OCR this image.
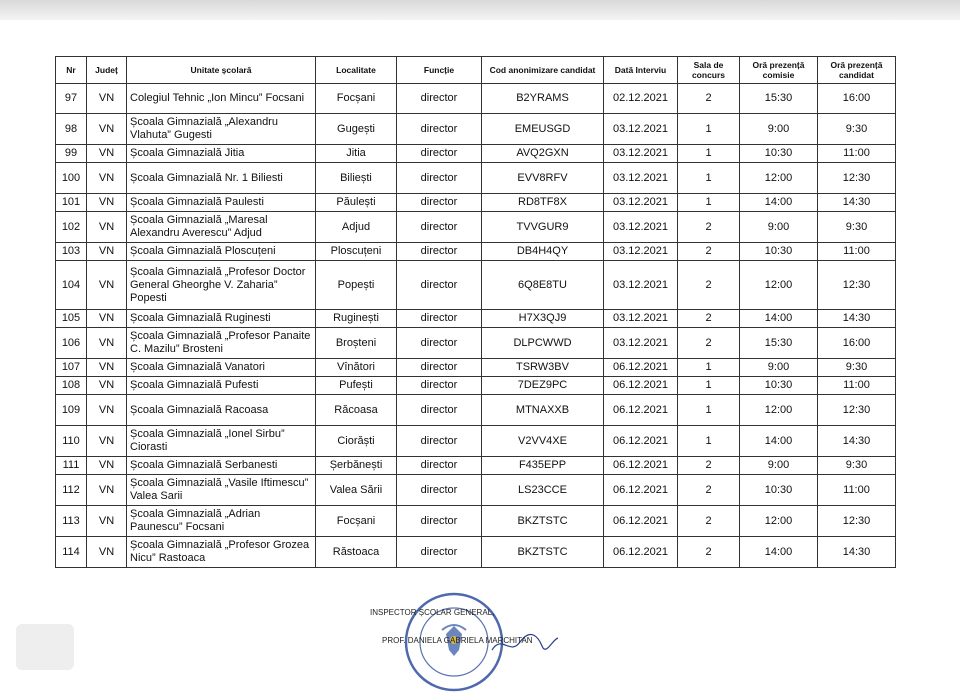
Nr	Județ	Unitate școlară	Localitate	Funcție	Cod anonimizare candidat	Dată Interviu	Sala de concurs	Oră prezență comisie	Oră prezență candidat
97	VN	Colegiul Tehnic „Ion Mincu” Focsani	Focșani	director	B2YRAMS	02.12.2021	2	15:30	16:00
98	VN	Școala Gimnazială „Alexandru Vlahuta” Gugesti	Gugești	director	EMEUSGD	03.12.2021	1	9:00	9:30
99	VN	Școala Gimnazială Jitia	Jitia	director	AVQ2GXN	03.12.2021	1	10:30	11:00
100	VN	Școala Gimnazială Nr. 1 Biliesti	Biliești	director	EVV8RFV	03.12.2021	1	12:00	12:30
101	VN	Școala Gimnazială Paulesti	Păulești	director	RD8TF8X	03.12.2021	1	14:00	14:30
102	VN	Școala Gimnazială „Maresal Alexandru Averescu” Adjud	Adjud	director	TVVGUR9	03.12.2021	2	9:00	9:30
103	VN	Școala Gimnazială Ploscuțeni	Ploscuțeni	director	DB4H4QY	03.12.2021	2	10:30	11:00
104	VN	Școala Gimnazială „Profesor Doctor General Gheorghe V. Zaharia” Popesti	Popești	director	6Q8E8TU	03.12.2021	2	12:00	12:30
105	VN	Școala Gimnazială Ruginesti	Ruginești	director	H7X3QJ9	03.12.2021	2	14:00	14:30
106	VN	Școala Gimnazială „Profesor Panaite C. Mazilu” Brosteni	Broșteni	director	DLPCWWD	03.12.2021	2	15:30	16:00
107	VN	Școala Gimnazială Vanatori	Vînători	director	TSRW3BV	06.12.2021	1	9:00	9:30
108	VN	Școala Gimnazială Pufesti	Pufești	director	7DEZ9PC	06.12.2021	1	10:30	11:00
109	VN	Școala Gimnazială Racoasa	Răcoasa	director	MTNAXXB	06.12.2021	1	12:00	12:30
110	VN	Școala Gimnazială „Ionel Sirbu” Ciorasti	Ciorăști	director	V2VV4XE	06.12.2021	1	14:00	14:30
111	VN	Școala Gimnazială Serbanesti	Șerbănești	director	F435EPP	06.12.2021	2	9:00	9:30
112	VN	Școala Gimnazială „Vasile Iftimescu” Valea Sarii	Valea Sării	director	LS23CCE	06.12.2021	2	10:30	11:00
113	VN	Școala Gimnazială „Adrian Paunescu” Focsani	Focșani	director	BKZTSTC	06.12.2021	2	12:00	12:30
114	VN	Școala Gimnazială „Profesor Grozea Nicu” Rastoaca	Răstoaca	director	BKZTSTC	06.12.2021	2	14:00	14:30
INSPECTOR ȘCOLAR GENERAL,
PROF. DANIELA GABRIELA MARCHITAN
